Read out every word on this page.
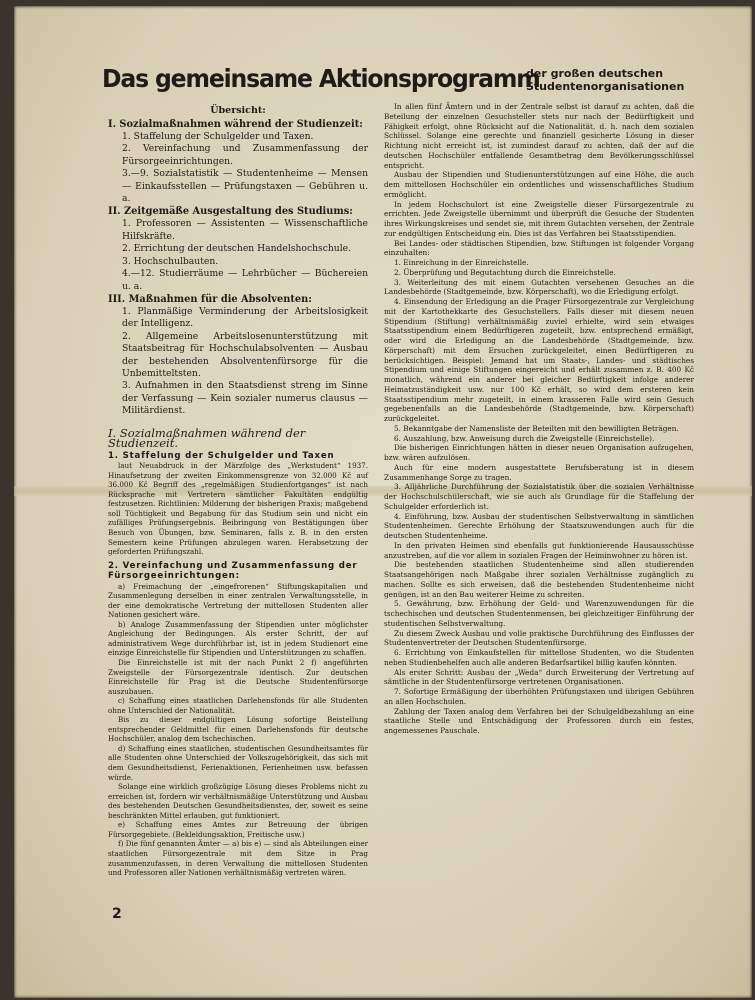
Das gemeinsame Aktionsprogramm
der großen deutschen
Studentenorganisationen
Übersicht:
I. Sozialmaßnahmen während der Studienzeit:
1. Staffelung der Schulgelder und Taxen.
2. Vereinfachung und Zusammenfassung der Fürsorgeeinrichtungen.
3.—9. Sozialstatistik — Studentenheime — Mensen — Einkaufsstellen — Prüfungstaxen — Gebühren u. a.
II. Zeitgemäße Ausgestaltung des Studiums:
1. Professoren — Assistenten — Wissenschaftliche Hilfskräfte.
2. Errichtung der deutschen Handelshochschule.
3. Hochschulbauten.
4.—12. Studierräume — Lehrbücher — Büchereien u. a.
III. Maßnahmen für die Absolventen:
1. Planmäßige Verminderung der Arbeitslosigkeit der Intelligenz.
2. Allgemeine Arbeitslosenunterstützung mit Staatsbeitrag für Hochschulabsolventen — Ausbau der bestehenden Absolventenfürsorge für die Unbemitteltsten.
3. Aufnahmen in den Staatsdienst streng im Sinne der Verfassung — Kein sozialer numerus clausus — Militärdienst.
I. Sozialmaßnahmen während der Studienzeit.
1. Staffelung der Schulgelder und Taxen

laut Neuabdruck in der Märzfolge des „Werkstudent“ 1937. Hinaufsetzung der zweiten Einkommensgrenze von 32.000 Kč auf 36.000 Kč Begriff des „regelmäßigen Studienfortganges“ ist nach Rücksprache mit Vertretern sämtlicher Fakultäten endgültig festzusetzen. Richtlinien: Milderung der bisherigen Praxis; maßgebend soll Tüchtigkeit und Begabung für das Studium sein und nicht ein zufälliges Prüfungsergebnis. Beibringung von Bestätigungen über Besuch von Übungen, bzw. Seminaren, falls z. B. in den ersten Semestern keine Prüfungen abzulegen waren. Herabsetzung der geforderten Prüfungszahl.

2. Vereinfachung und Zusammenfassung der Fürsorgeeinrichtungen:

a) Freimachung der „eingefrorenen“ Stiftungskapitalien und Zusammenlegung derselben in einer zentralen Verwaltungsstelle, in der eine demokratische Vertretung der mittellosen Studenten aller Nationen gesichert wäre.

b) Analoge Zusammenfassung der Stipendien unter möglichster Angleichung der Bedingungen. Als erster Schritt, der auf administrativem Wege durchführbar ist, ist in jedem Studienort eine einzige Einreichstelle für Stipendien und Unterstützungen zu schaffen.

Die Einreichstelle ist mit der nach Punkt 2 f) angeführten Zweigstelle der Fürsorgezentrale identisch. Zur deutschen Einreichstelle für Prag ist die Deutsche Studentenfürsorge auszubauen.

c) Schaffung eines staatlichen Darlehensfonds für alle Studenten ohne Unterschied der Nationalität.

Bis zu dieser endgültigen Lösung sofortige Beistellung entsprechender Geldmittel für einen Darlehensfonds für deutsche Hochschüler, analog dem tschechischen.

d) Schaffung eines staatlichen, studentischen Gesundheitsamtes für alle Studenten ohne Unterschied der Volkszugehörigkeit, das sich mit dem Gesundheitsdienst, Ferienaktionen, Ferienheimen usw. befassen würde.

Solange eine wirklich großzügige Lösung dieses Problems nicht zu erreichen ist, fordern wir verhältnismäßige Unterstützung und Ausbau des bestehenden Deutschen Gesundheitsdienstes, der, soweit es seine beschränkten Mittel erlauben, gut funktioniert.

e) Schaffung eines Amtes zur Betreuung der übrigen Fürsorgegebiete. (Bekleidungsaktion, Freitische usw.)

f) Die fünf genannten Ämter — a) bis e) — sind als Abteilungen einer staatlichen Fürsorgezentrale mit dem Sitze in Prag zusammenzufassen, in deren Verwaltung die mittellosen Studenten und Professoren aller Nationen verhältnismäßig vertreten wären.

In allen fünf Ämtern und in der Zentrale selbst ist darauf zu achten, daß die Beteilung der einzelnen Gesuchsteller stets nur nach der Bedürftigkeit und Fähigkeit erfolgt, ohne Rücksicht auf die Nationalität, d. h. nach dem sozialen Schlüssel. Solange eine gerechte und finanziell gesicherte Lösung in dieser Richtung nicht erreicht ist, ist zumindest darauf zu achten, daß der auf die deutschen Hochschüler entfallende Gesamtbetrag dem Bevölkerungsschlüssel entspricht.

Ausbau der Stipendien und Studienunterstützungen auf eine Höhe, die auch dem mittellosen Hochschüler ein ordentliches und wissenschaftliches Studium ermöglicht.

In jedem Hochschulort ist eine Zweigstelle dieser Fürsorgezentrale zu errichten. Jede Zweigstelle übernimmt und überprüft die Gesuche der Studenten ihres Wirkungskreises und sendet sie, mit ihrem Gutachten versehen, der Zentrale zur endgültigen Entscheidung ein. Dies ist das Verfahren bei Staatsstipendien.

Bei Landes- oder städtischen Stipendien, bzw. Stiftungen ist folgender Vorgang einzuhalten:

1. Einreichung in der Einreichstelle.

2. Überprüfung und Begutachtung durch die Einreichstelle.

3. Weiterleitung des mit einem Gutachten versehenen Gesuches an die Landesbehörde (Stadtgemeinde, bzw. Körperschaft), wo die Erledigung erfolgt.

4. Einsendung der Erledigung an die Prager Fürsorgezentrale zur Vergleichung mit der Kartothekkarte des Gesuchstellers. Falls dieser mit diesem neuen Stipendium (Stiftung) verhältnismäßig zuviel erhielte, wird sein etwaiges Staatsstipendium einem Bedürftigeren zugeteilt, bzw. entsprechend ermäßigt, oder wird die Erledigung an die Landesbehörde (Stadtgemeinde, bzw. Körperschaft) mit dem Ersuchen zurückgeleitet, einen Bedürftigeren zu berücksichtigen. Beispiel: Jemand hat um Staats-, Landes- und städtisches Stipendium und einige Stiftungen eingereicht und erhält zusammen z. B. 400 Kč monatlich, während ein anderer bei gleicher Bedürftigkeit infolge anderer Heimatzuständigkeit usw. nur 100 Kč erhält, so wird dem ersteren kein Staatsstipendium mehr zugeteilt, in einem krasseren Falle wird sein Gesuch gegebenenfalls an die Landesbehörde (Stadtgemeinde, bzw. Körperschaft) zurückgeleitet.

5. Bekanntgabe der Namensliste der Beteilten mit den bewilligten Beträgen.

6. Auszahlung, bzw. Anweisung durch die Zweigstelle (Einreichstelle).

Die bisherigen Einrichtungen hätten in dieser neuen Organisation aufzugehen, bzw. wären aufzulösen.

Auch für eine modern ausgestattete Berufsberatung ist in diesem Zusammenhange Sorge zu tragen.

3. Alljährliche Durchführung der Sozialstatistik über die sozialen Verhältnisse der Hochschulschülerschaft, wie sie auch als Grundlage für die Staffelung der Schulgelder erforderlich ist.

4. Einführung, bzw. Ausbau der studentischen Selbstverwaltung in sämtlichen Studentenheimen. Gerechte Erhöhung der Staatszuwendungen auch für die deutschen Studentenheime.

In den privaten Heimen sind ebenfalls gut funktionierende Hausausschüsse anzustreben, auf die vor allem in sozialen Fragen der Heiminwohner zu hören ist.

Die bestehenden staatlichen Studentenheime sind allen studierenden Staatsangehörigen nach Maßgabe ihrer sozialen Verhältnisse zugänglich zu machen. Sollte es sich erweisen, daß die bestehenden Studentenheime nicht genügen, ist an den Bau weiterer Heime zu schreiten.

5. Gewährung, bzw. Erhöhung der Geld- und Warenzuwendungen für die tschechischen und deutschen Studentenmensen, bei gleichzeitiger Einführung der studentischen Selbstverwaltung.

Zu diesem Zweck Ausbau und volle praktische Durchführung des Einflusses der Studentenvertreter der Deutschen Studentenfürsorge.

6. Errichtung von Einkaufstellen für mittellose Studenten, wo die Studenten neben Studienbehelfen auch alle anderen Bedarfsartikel billig kaufen könnten.

Als erster Schritt: Ausbau der „Weda“ durch Erweiterung der Vertretung auf sämtliche in der Studentenfürsorge vertretenen Organisationen.

7. Sofortige Ermäßigung der überhöhten Prüfungstaxen und übrigen Gebühren an allen Hochschulen.

Zahlung der Taxen analog dem Verfahren bei der Schulgeldbezahlung an eine staatliche Stelle und Entschädigung der Professoren durch ein festes, angemessenes Pauschale.

2
